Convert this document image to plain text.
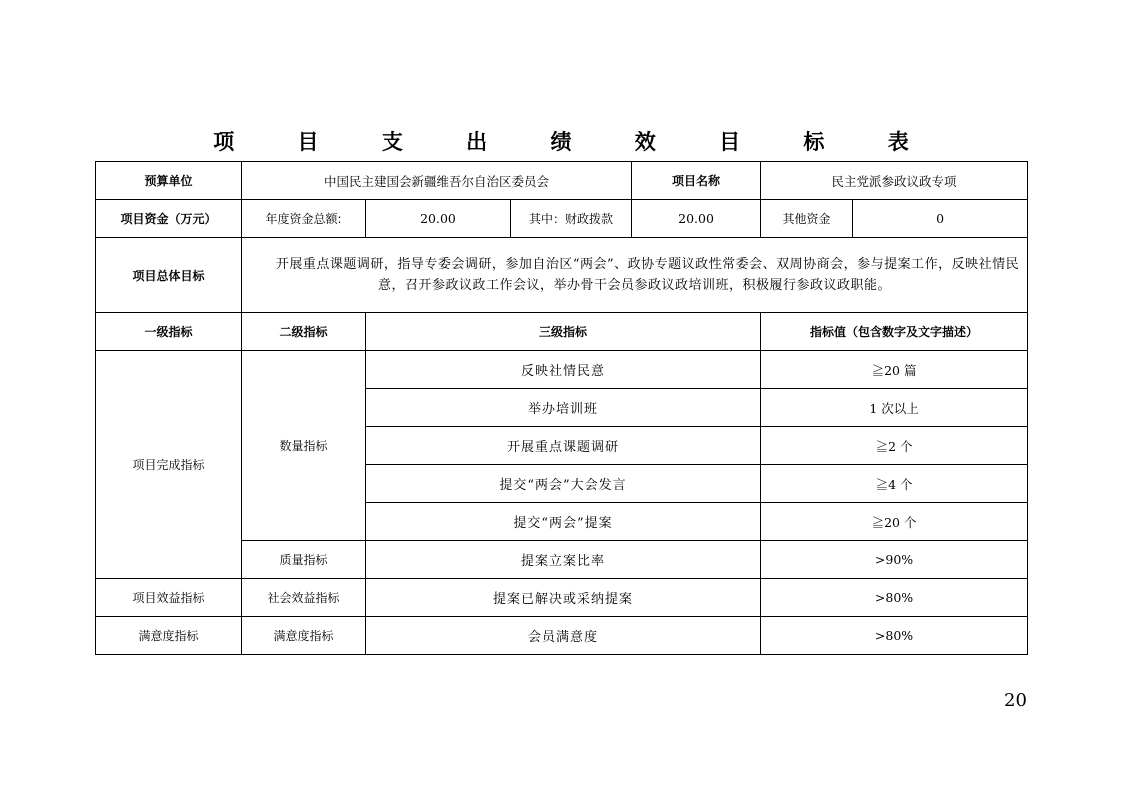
项 目 支 出 绩 效 目 标 表
预算单位	中国民主建国会新疆维吾尔自治区委员会			项目名称	民主党派参政议政专项	
项目资金（万元）	年度资金总额:	20.00	其中：财政拨款	20.00	其他资金	0
项目总体目标	开展重点课题调研，指导专委会调研，参加自治区“两会”、政协专题议政性常委会、双周协商会，参与提案工作，反映社情民意，召开参政议政工作会议，举办骨干会员参政议政培训班，积极履行参政议政职能。					

一级指标	二级指标	三级指标			指标值（包含数字及文字描述）	
项目完成指标	数量指标	反映社情民意			≧20 篇	
		举办培训班			1 次以上	
		开展重点课题调研			≧2 个	
		提交“两会”大会发言			≧4 个	
		提交“两会”提案			≧20 个	
	质量指标	提案立案比率			>90%	
项目效益指标	社会效益指标	提案已解决或采纳提案			>80%	
满意度指标	满意度指标	会员满意度			>80%	
20
